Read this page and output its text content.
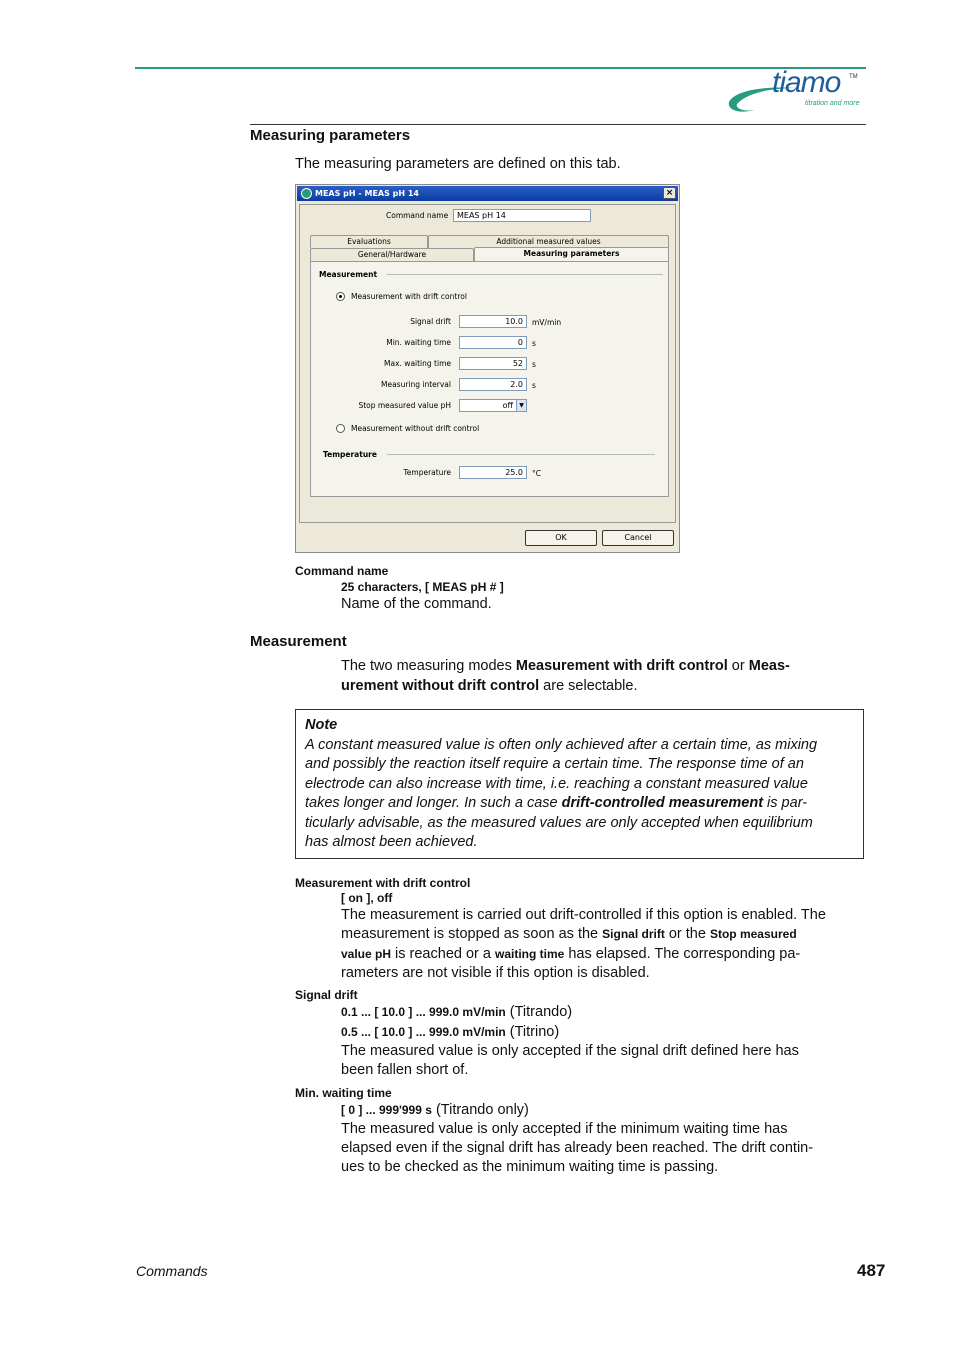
tiamo TM
titration and more
Measuring parameters
The measuring parameters are defined on this tab.
MEAS pH - MEAS pH 14	×
Command name	MEAS pH 14
Evaluations	Additional measured values
General/Hardware	Measuring parameters
Measurement
Measurement with drift control
Signal drift	10.0	mV/min
Min. waiting time	0	s
Max. waiting time	52	s
Measuring interval	2.0	s
Stop measured value pH	off	▼
Measurement without drift control
Temperature
Temperature	25.0	°C
OK	Cancel
Command name
25 characters, [ MEAS pH # ]
Name of the command.
Measurement
The two measuring modes Measurement with drift control or Meas-
urement without drift control are selectable.
Note
A constant measured value is often only achieved after a certain time, as mixing
and possibly the reaction itself require a certain time. The response time of an
electrode can also increase with time, i.e. reaching a constant measured value
takes longer and longer. In such a case drift-controlled measurement is par-
ticularly advisable, as the measured values are only accepted when equilibrium
has almost been achieved.
Measurement with drift control
[ on ], off
The measurement is carried out drift-controlled if this option is enabled. The
measurement is stopped as soon as the Signal drift or the Stop measured
value pH is reached or a waiting time has elapsed. The corresponding pa-
rameters are not visible if this option is disabled.
Signal drift
0.1 ... [ 10.0 ] ... 999.0 mV/min (Titrando)
0.5 ... [ 10.0 ] ... 999.0 mV/min (Titrino)
The measured value is only accepted if the signal drift defined here has
been fallen short of.
Min. waiting time
[ 0 ] ... 999'999 s (Titrando only)
The measured value is only accepted if the minimum waiting time has
elapsed even if the signal drift has already been reached. The drift contin-
ues to be checked as the minimum waiting time is passing.
Commands	487
